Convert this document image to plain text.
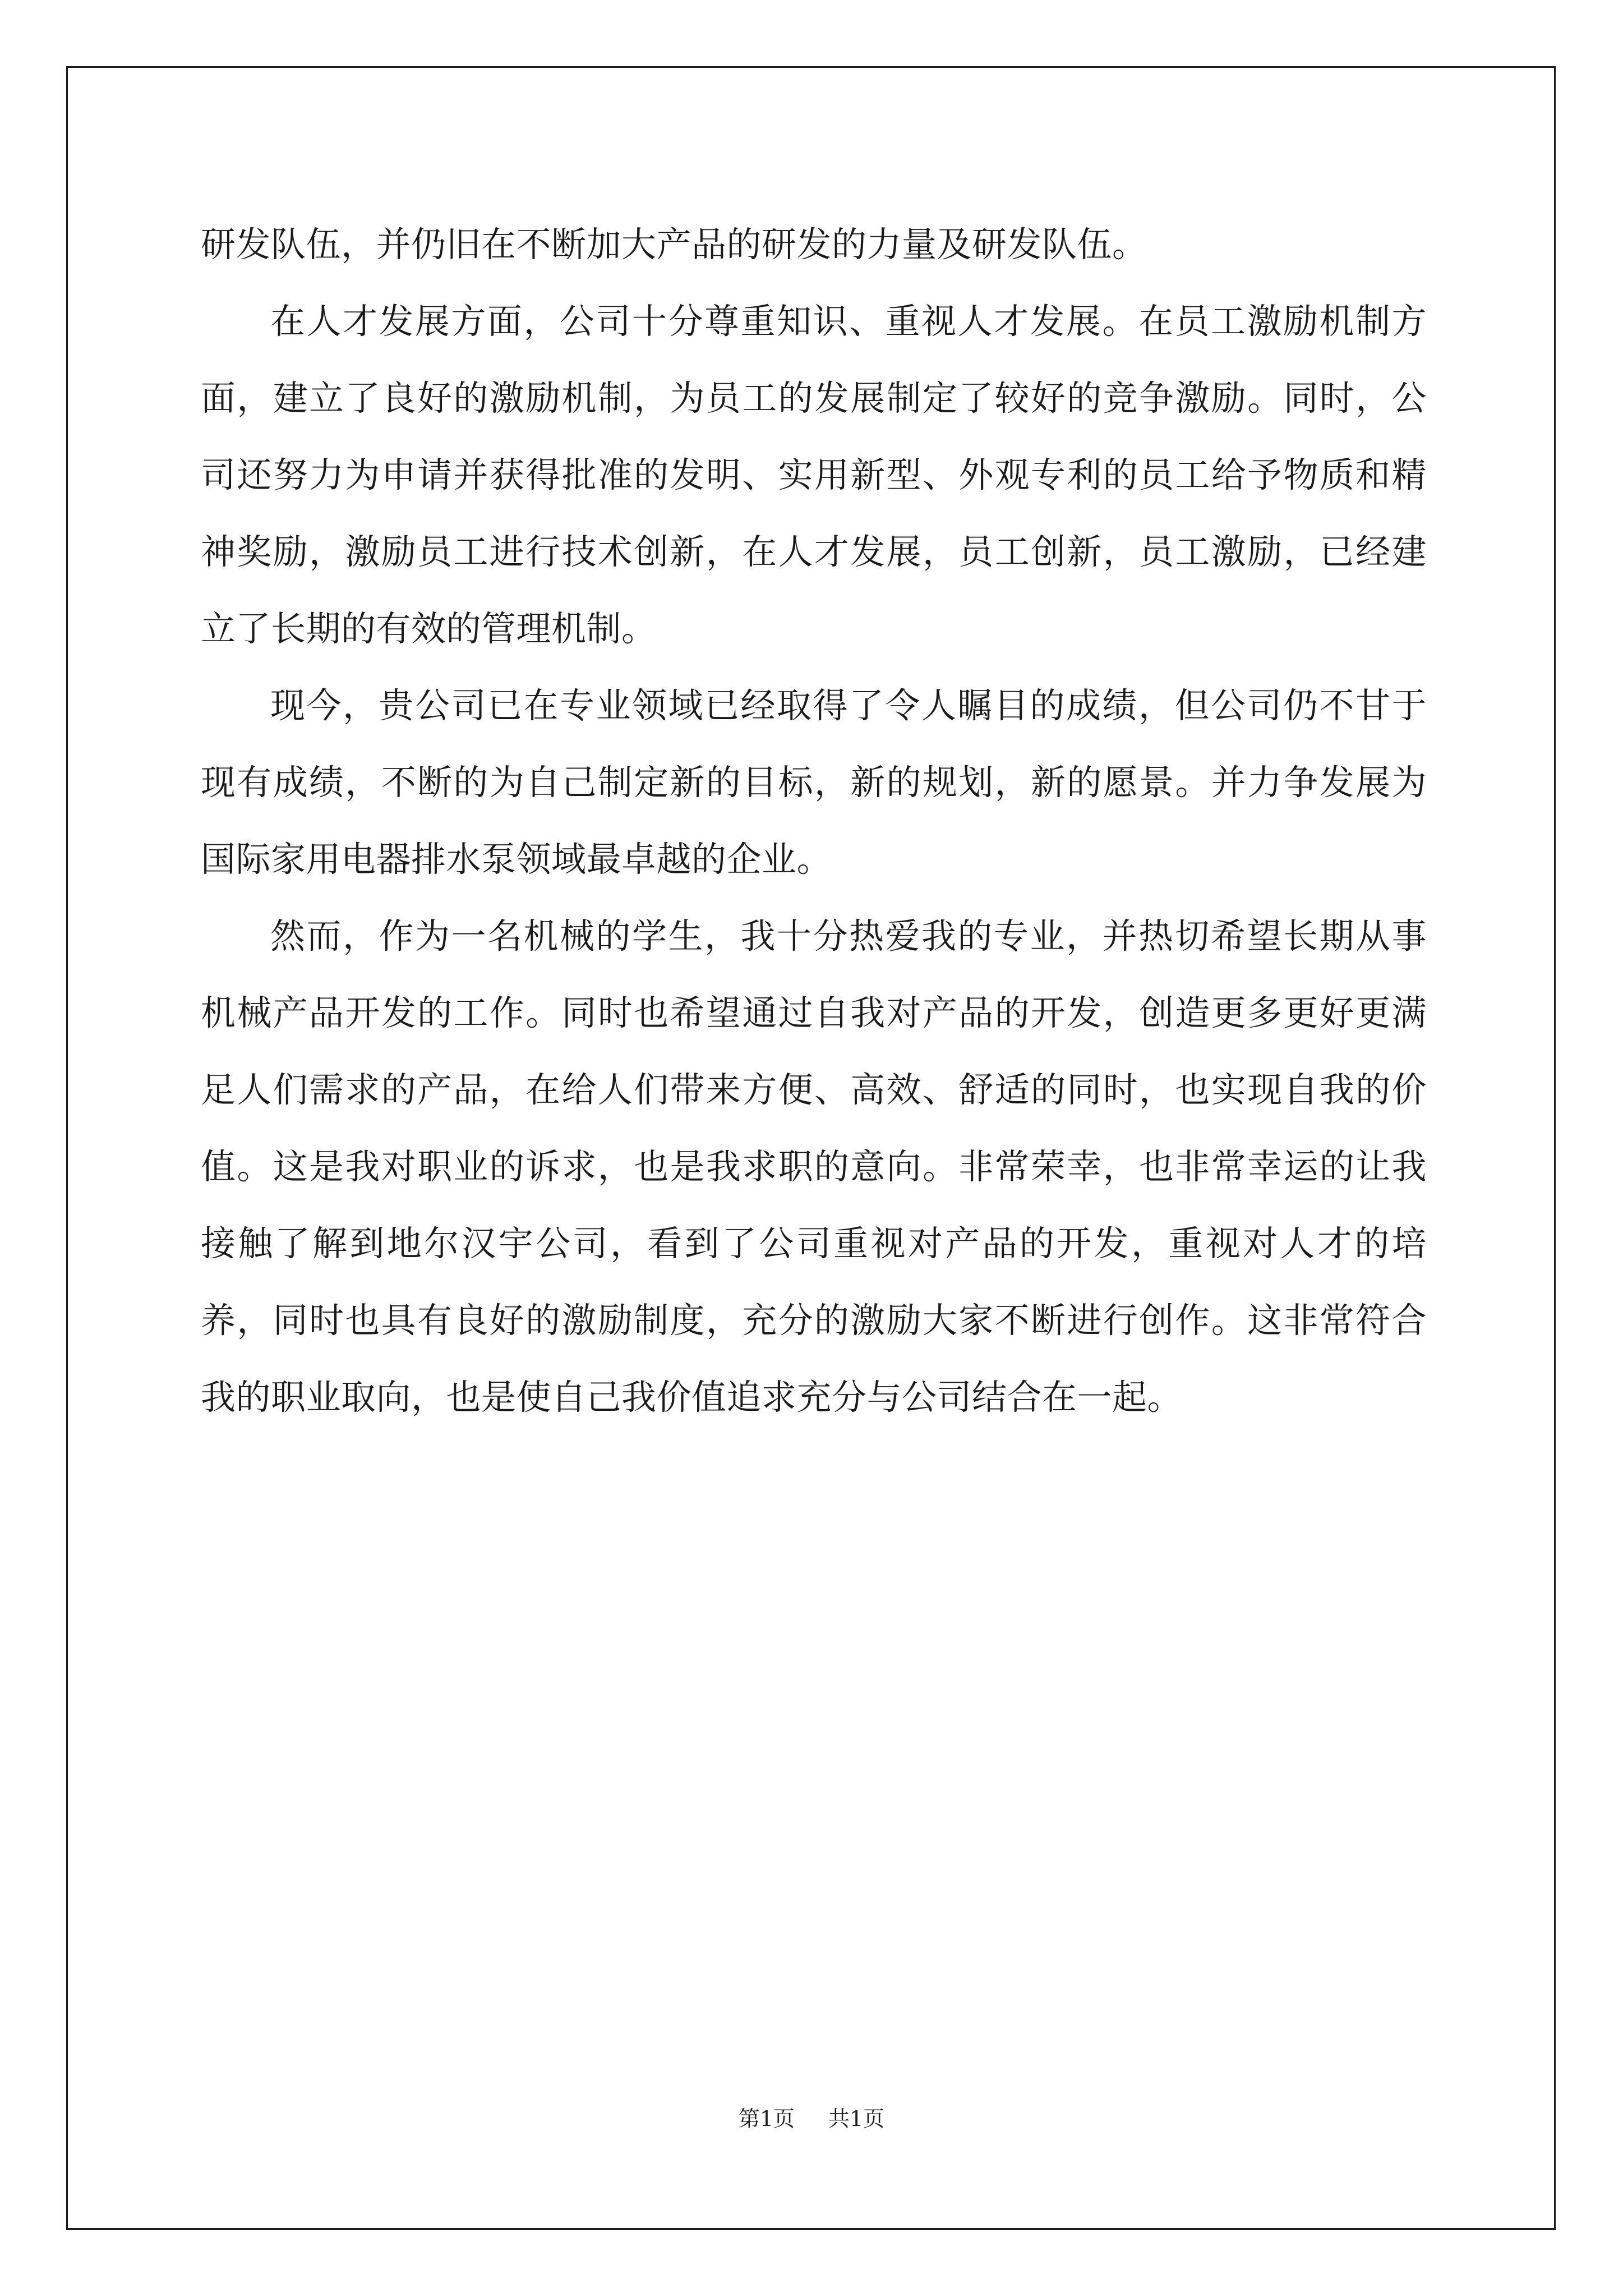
研发队伍，并仍旧在不断加大产品的研发的力量及研发队伍。

在人才发展方面，公司十分尊重知识、重视人才发展。在员工激励机制方面，建立了良好的激励机制，为员工的发展制定了较好的竞争激励。同时，公司还努力为申请并获得批准的发明、实用新型、外观专利的员工给予物质和精神奖励，激励员工进行技术创新，在人才发展，员工创新，员工激励，已经建立了长期的有效的管理机制。

现今，贵公司已在专业领域已经取得了令人瞩目的成绩，但公司仍不甘于现有成绩，不断的为自己制定新的目标，新的规划，新的愿景。并力争发展为国际家用电器排水泵领域最卓越的企业。

然而，作为一名机械的学生，我十分热爱我的专业，并热切希望长期从事机械产品开发的工作。同时也希望通过自我对产品的开发，创造更多更好更满足人们需求的产品，在给人们带来方便、高效、舒适的同时，也实现自我的价值。这是我对职业的诉求，也是我求职的意向。非常荣幸，也非常幸运的让我接触了解到地尔汉宇公司，看到了公司重视对产品的开发，重视对人才的培养，同时也具有良好的激励制度，充分的激励大家不断进行创作。这非常符合我的职业取向，也是使自己我价值追求充分与公司结合在一起。

第1页 共1页
